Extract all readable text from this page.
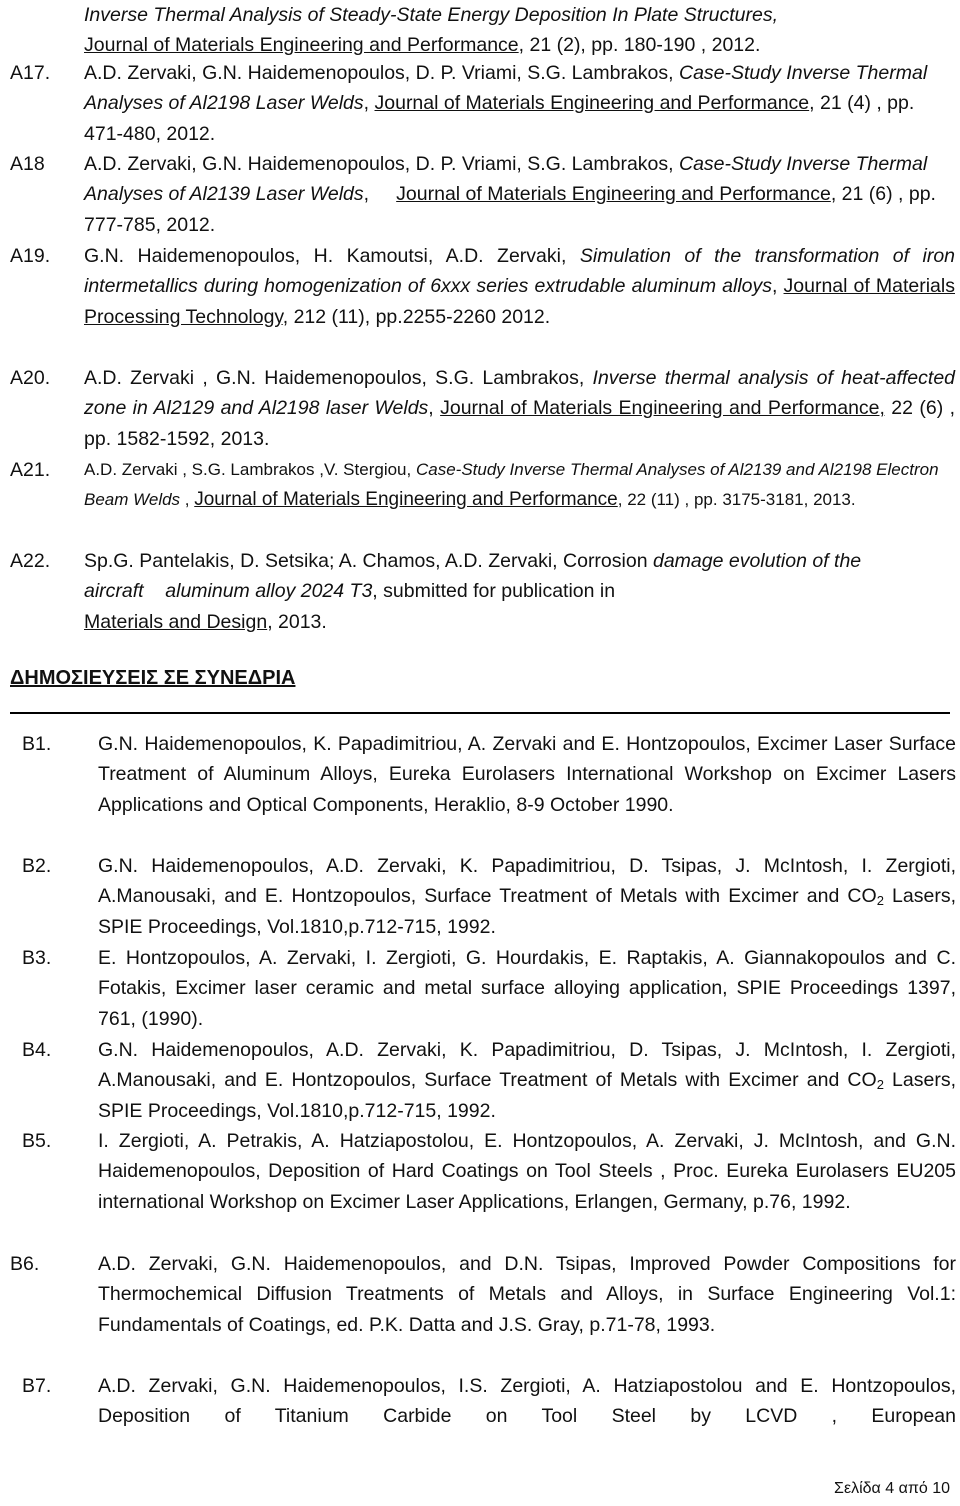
Inverse Thermal Analysis of Steady-State Energy Deposition In Plate Structures,
Journal of Materials Engineering and Performance, 21 (2), pp. 180-190 , 2012.
A17. A.D. Zervaki, G.N. Haidemenopoulos, D. P. Vriami, S.G. Lambrakos, Case-Study Inverse Thermal Analyses of Al2198 Laser Welds, Journal of Materials Engineering and Performance, 21 (4) , pp. 471-480, 2012.
A18 A.D. Zervaki, G.N. Haidemenopoulos, D. P. Vriami, S.G. Lambrakos, Case-Study Inverse Thermal Analyses of Al2139 Laser Welds, Journal of Materials Engineering and Performance, 21 (6) , pp. 777-785, 2012.
A19. G.N. Haidemenopoulos, H. Kamoutsi, A.D. Zervaki, Simulation of the transformation of iron intermetallics during homogenization of 6xxx series extrudable aluminum alloys, Journal of Materials Processing Technology, 212 (11), pp.2255-2260 2012.
A20. A.D. Zervaki , G.N. Haidemenopoulos, S.G. Lambrakos, Inverse thermal analysis of heat-affected zone in Al2129 and Al2198 laser Welds, Journal of Materials Engineering and Performance, 22 (6) , pp. 1582-1592, 2013.
A21. A.D. Zervaki , S.G. Lambrakos ,V. Stergiou, Case-Study Inverse Thermal Analyses of Al2139 and Al2198 Electron Beam Welds , Journal of Materials Engineering and Performance, 22 (11) , pp. 3175-3181, 2013.
A22. Sp.G. Pantelakis, D. Setsika; A. Chamos, A.D. Zervaki, Corrosion damage evolution of the    aircraft    aluminum alloy 2024 T3, submitted for publication in
Materials and Design, 2013.
ΔΗΜΟΣΙΕΥΣΕΙΣ ΣΕ ΣΥΝΕΔΡΙΑ
B1. G.N. Haidemenopoulos, K. Papadimitriou, A. Zervaki and E. Hontzopoulos, Excimer Laser Surface Treatment of Aluminum Alloys, Eureka Eurolasers International Workshop on Excimer Lasers Applications and Optical Components, Heraklio, 8-9 October 1990.
B2. G.N. Haidemenopoulos, A.D. Zervaki, K. Papadimitriou, D. Tsipas, J. McIntosh, I. Zergioti, A.Manousaki, and E. Hontzopoulos, Surface Treatment of Metals with Excimer and $CO_2$ Lasers, SPIE Proceedings, Vol.1810,p.712-715, 1992.
B3. E. Hontzopoulos, A. Zervaki, I. Zergioti, G. Hourdakis, E. Raptakis, A. Giannakopoulos and C. Fotakis, Excimer laser ceramic and metal surface alloying application, SPIE Proceedings 1397, 761, (1990).
B4. G.N. Haidemenopoulos, A.D. Zervaki, K. Papadimitriou, D. Tsipas, J. McIntosh, I. Zergioti, A.Manousaki, and E. Hontzopoulos, Surface Treatment of Metals with Excimer and $CO_2$ Lasers, SPIE Proceedings, Vol.1810,p.712-715, 1992.
B5. I. Zergioti, A. Petrakis, A. Hatziapostolou, E. Hontzopoulos, A. Zervaki, J. McIntosh, and G.N. Haidemenopoulos, Deposition of Hard Coatings on Tool Steels , Proc. Eureka Eurolasers EU205 international Workshop on Excimer Laser Applications, Erlangen, Germany, p.76, 1992.
B6.	A.D. Zervaki, G.N. Haidemenopoulos, and D.N. Tsipas, Improved Powder Compositions for Thermochemical Diffusion Treatments of Metals and Alloys, in Surface Engineering Vol.1: Fundamentals of Coatings, ed. P.K. Datta and J.S. Gray, p.71-78, 1993.
B7. A.D. Zervaki, G.N. Haidemenopoulos, I.S. Zergioti, A. Hatziapostolou and E. Hontzopoulos, Deposition of Titanium Carbide on Tool Steel by LCVD , European
Σελίδα 4 από 10
